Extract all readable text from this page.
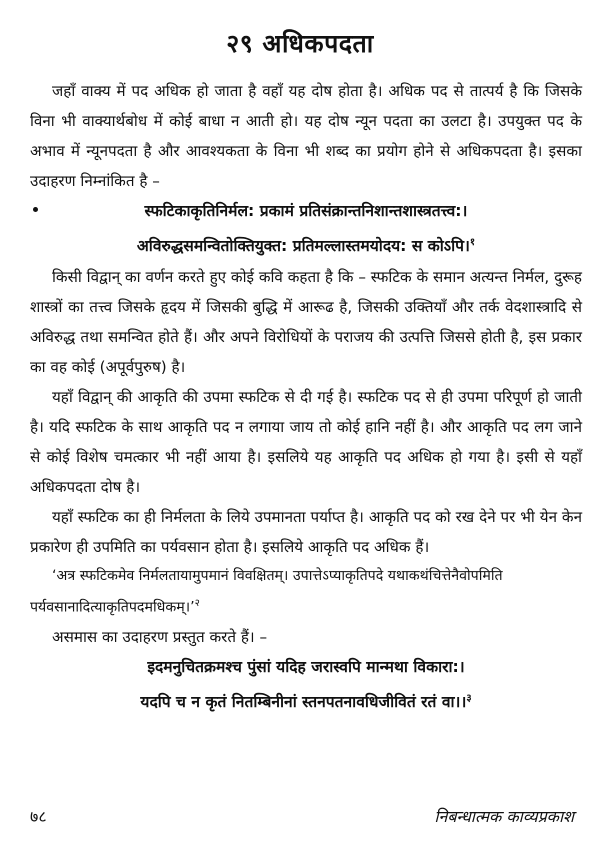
२९ अधिकपदता

जहाँ वाक्य में पद अधिक हो जाता है वहाँ यह दोष होता है। अधिक पद से तात्पर्य है कि जिसके विना भी वाक्यार्थबोध में कोई बाधा न आती हो। यह दोष न्यून पदता का उलटा है। उपयुक्त पद के अभाव में न्यूनपदता है और आवश्यकता के विना भी शब्द का प्रयोग होने से अधिकपदता है। इसका उदाहरण निम्नांकित है –

स्फटिकाकृतिनिर्मल: प्रकामं प्रतिसंक्रान्तनिशान्तशास्त्रतत्त्व:।

अविरुद्धसमन्वितोक्तियुक्त: प्रतिमल्लास्तमयोदय: स कोऽपि।$^१$

किसी विद्वान् का वर्णन करते हुए कोई कवि कहता है कि – स्फटिक के समान अत्यन्त निर्मल, दुरूह शास्त्रों का तत्त्व जिसके हृदय में जिसकी बुद्धि में आरूढ है, जिसकी उक्तियाँ और तर्क वेदशास्त्रादि से अविरुद्ध तथा समन्वित होते हैं। और अपने विरोधियों के पराजय की उत्पत्ति जिससे होती है, इस प्रकार का वह कोई (अपूर्वपुरुष) है।

यहाँ विद्वान् की आकृति की उपमा स्फटिक से दी गई है। स्फटिक पद से ही उपमा परिपूर्ण हो जाती है। यदि स्फटिक के साथ आकृति पद न लगाया जाय तो कोई हानि नहीं है। और आकृति पद लग जाने से कोई विशेष चमत्कार भी नहीं आया है। इसलिये यह आकृति पद अधिक हो गया है। इसी से यहाँ अधिकपदता दोष है।

यहाँ स्फटिक का ही निर्मलता के लिये उपमानता पर्याप्त है। आकृति पद को रख देने पर भी येन केन प्रकारेण ही उपमिति का पर्यवसान होता है। इसलिये आकृति पद अधिक हैं।

‘अत्र स्फटिकमेव निर्मलतायामुपमानं विवक्षितम्। उपात्तेऽप्याकृतिपदे यथाकथंचित्तेनैवोपमिति पर्यवसानादित्याकृतिपदमधिकम्।’$^२$

असमास का उदाहरण प्रस्तुत करते हैं। –

इदमनुचितक्रमश्च पुंसां यदिह जरास्वपि मान्मथा विकारा:।

यदपि च न कृतं नितम्बिनीनां स्तनपतनावधिजीवितं रतं वा।।$^३$

७८	निबन्धात्मक काव्यप्रकाश
